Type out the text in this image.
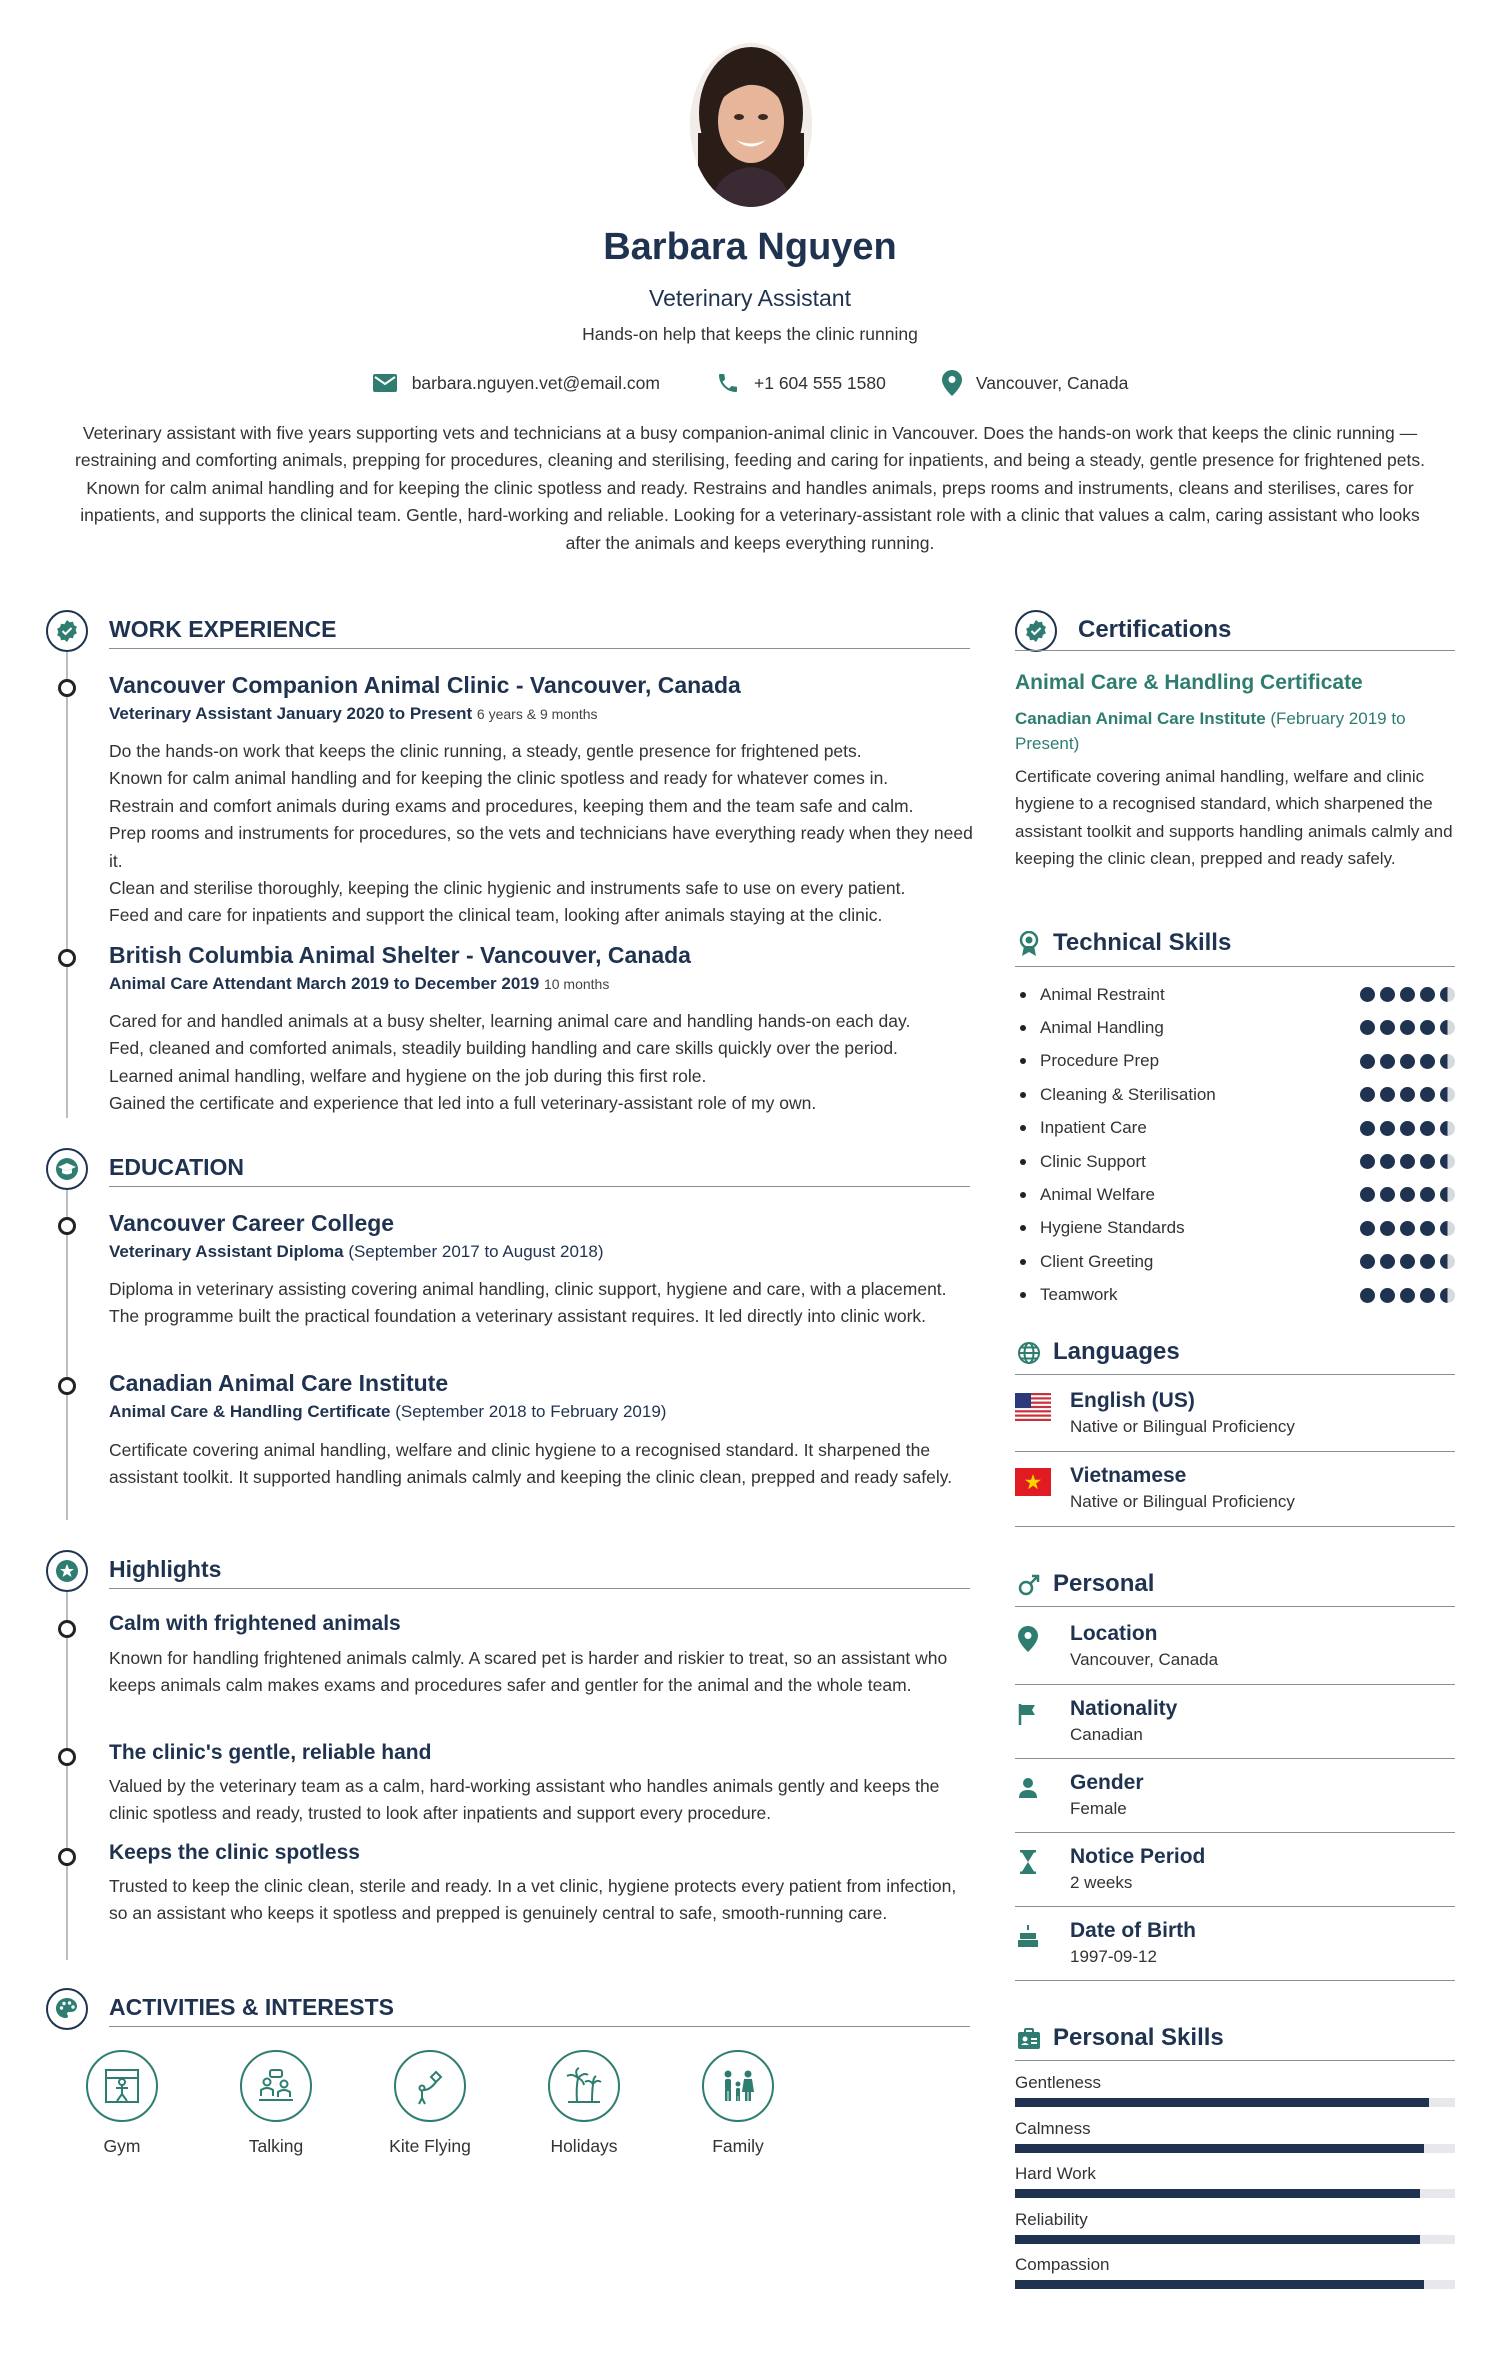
Barbara Nguyen
Veterinary Assistant
Hands-on help that keeps the clinic running
barbara.nguyen.vet@email.com	+1 604 555 1580	Vancouver, Canada
Veterinary assistant with five years supporting vets and technicians at a busy companion-animal clinic in Vancouver. Does the hands-on work that keeps the clinic running — restraining and comforting animals, prepping for procedures, cleaning and sterilising, feeding and caring for inpatients, and being a steady, gentle presence for frightened pets. Known for calm animal handling and for keeping the clinic spotless and ready. Restrains and handles animals, preps rooms and instruments, cleans and sterilises, cares for inpatients, and supports the clinical team. Gentle, hard-working and reliable. Looking for a veterinary-assistant role with a clinic that values a calm, caring assistant who looks after the animals and keeps everything running.
WORK EXPERIENCE
Vancouver Companion Animal Clinic - Vancouver, Canada
Veterinary Assistant January 2020 to Present 6 years & 9 months
Do the hands-on work that keeps the clinic running, a steady, gentle presence for frightened pets.
Known for calm animal handling and for keeping the clinic spotless and ready for whatever comes in.
Restrain and comfort animals during exams and procedures, keeping them and the team safe and calm.
Prep rooms and instruments for procedures, so the vets and technicians have everything ready when they need it.
Clean and sterilise thoroughly, keeping the clinic hygienic and instruments safe to use on every patient.
Feed and care for inpatients and support the clinical team, looking after animals staying at the clinic.
British Columbia Animal Shelter - Vancouver, Canada
Animal Care Attendant March 2019 to December 2019 10 months
Cared for and handled animals at a busy shelter, learning animal care and handling hands-on each day.
Fed, cleaned and comforted animals, steadily building handling and care skills quickly over the period.
Learned animal handling, welfare and hygiene on the job during this first role.
Gained the certificate and experience that led into a full veterinary-assistant role of my own.
EDUCATION
Vancouver Career College
Veterinary Assistant Diploma (September 2017 to August 2018)
Diploma in veterinary assisting covering animal handling, clinic support, hygiene and care, with a placement. The programme built the practical foundation a veterinary assistant requires. It led directly into clinic work.
Canadian Animal Care Institute
Animal Care & Handling Certificate (September 2018 to February 2019)
Certificate covering animal handling, welfare and clinic hygiene to a recognised standard. It sharpened the assistant toolkit. It supported handling animals calmly and keeping the clinic clean, prepped and ready safely.
Highlights
Calm with frightened animals
Known for handling frightened animals calmly. A scared pet is harder and riskier to treat, so an assistant who keeps animals calm makes exams and procedures safer and gentler for the animal and the whole team.
The clinic's gentle, reliable hand
Valued by the veterinary team as a calm, hard-working assistant who handles animals gently and keeps the clinic spotless and ready, trusted to look after inpatients and support every procedure.
Keeps the clinic spotless
Trusted to keep the clinic clean, sterile and ready. In a vet clinic, hygiene protects every patient from infection, so an assistant who keeps it spotless and prepped is genuinely central to safe, smooth-running care.
ACTIVITIES & INTERESTS
Gym	Talking	Kite Flying	Holidays	Family
Certifications
Animal Care & Handling Certificate
Canadian Animal Care Institute (February 2019 to Present)
Certificate covering animal handling, welfare and clinic hygiene to a recognised standard, which sharpened the assistant toolkit and supports handling animals calmly and keeping the clinic clean, prepped and ready safely.
Technical Skills
Animal Restraint
Animal Handling
Procedure Prep
Cleaning & Sterilisation
Inpatient Care
Clinic Support
Animal Welfare
Hygiene Standards
Client Greeting
Teamwork
Languages
English (US)
Native or Bilingual Proficiency
Vietnamese
Native or Bilingual Proficiency
Personal
Location
Vancouver, Canada
Nationality
Canadian
Gender
Female
Notice Period
2 weeks
Date of Birth
1997-09-12
Personal Skills
Gentleness
Calmness
Hard Work
Reliability
Compassion
